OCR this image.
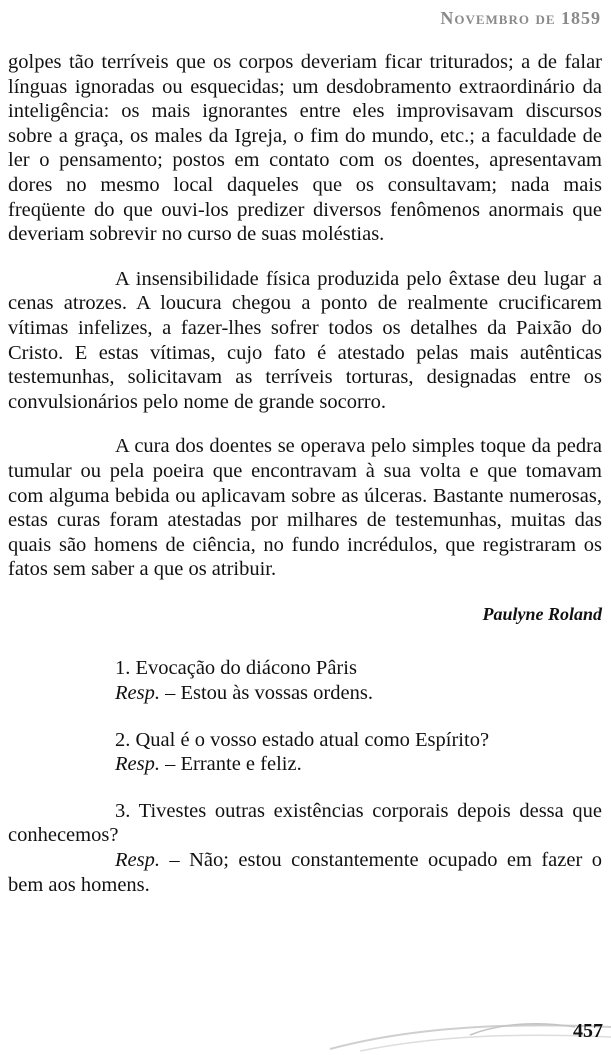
Novembro de 1859

golpes tão terríveis que os corpos deveriam ficar triturados; a de falar línguas ignoradas ou esquecidas; um desdobramento extraordinário da inteligência: os mais ignorantes entre eles improvisavam discursos sobre a graça, os males da Igreja, o fim do mundo, etc.; a faculdade de ler o pensamento; postos em contato com os doentes, apresentavam dores no mesmo local daqueles que os consultavam; nada mais freqüente do que ouvi-los predizer diversos fenômenos anormais que deveriam sobrevir no curso de suas moléstias.

A insensibilidade física produzida pelo êxtase deu lugar a cenas atrozes. A loucura chegou a ponto de realmente crucificarem vítimas infelizes, a fazer-lhes sofrer todos os detalhes da Paixão do Cristo. E estas vítimas, cujo fato é atestado pelas mais autênticas testemunhas, solicitavam as terríveis torturas, designadas entre os convulsionários pelo nome de grande socorro.

A cura dos doentes se operava pelo simples toque da pedra tumular ou pela poeira que encontravam à sua volta e que tomavam com alguma bebida ou aplicavam sobre as úlceras. Bastante numerosas, estas curas foram atestadas por milhares de testemunhas, muitas das quais são homens de ciência, no fundo incrédulos, que registraram os fatos sem saber a que os atribuir.

Paulyne Roland

1. Evocação do diácono Pâris

Resp. – Estou às vossas ordens.

2. Qual é o vosso estado atual como Espírito?

Resp. – Errante e feliz.

3. Tivestes outras existências corporais depois dessa que conhecemos?

Resp. – Não; estou constantemente ocupado em fazer o bem aos homens.

457
